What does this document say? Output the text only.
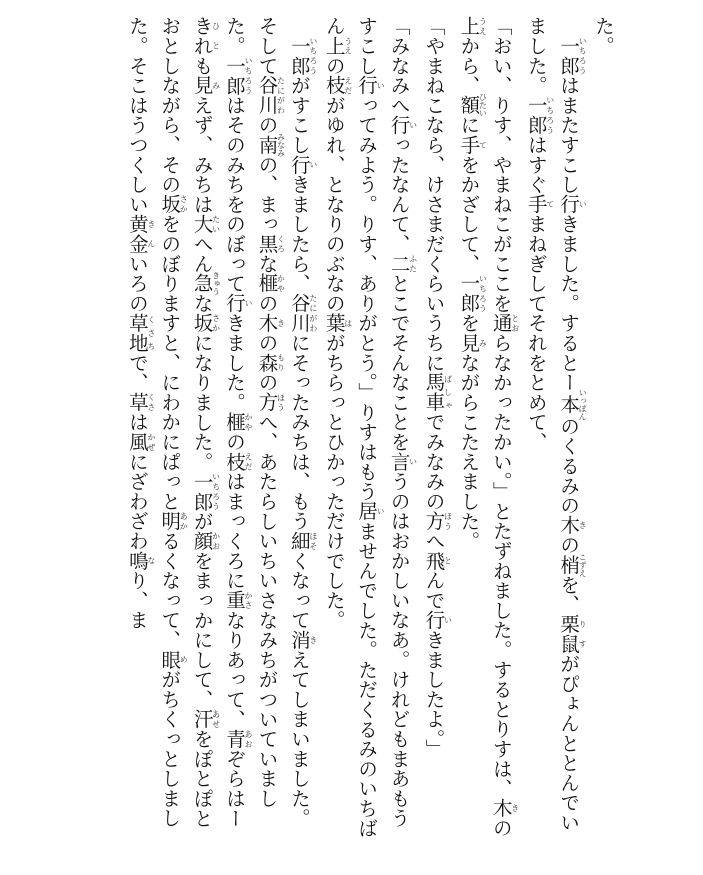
た。

　一郎いちろうはまたすこし行いきました。するとー本いっぽんのくるみの木きの梢こずえを、栗鼠りすがぴょんととんでいました。一郎いちろうはすぐ手てまねぎしてそれをとめて、

「おい、りす、やまねこがここを通とおらなかったかい。」とたずねました。するとりすは、木きの上うえから、額ひたいに手てをかざして、一郎いちろうを見みながらこたえました。

「やまねこなら、けさまだくらいうちに馬車ばしゃでみなみの方ほうへ飛とんで行いきましたよ。」

「みなみへ行いったなんて、二ふたとこでそんなことを言いうのはおかしいなあ。けれどもまあもうすこし行いってみよう。りす、ありがとう。」りすはもう居いませんでした。ただくるみのいちばん上うえの枝えだがゆれ、となりのぶなの葉はがちらっとひかっただけでした。

　一郎いちろうがすこし行いきましたら、谷川たにがわにそったみちは、もう細ほそくなって消きえてしまいました。そして谷川たにがわの南みなみの、まっ黒くろな榧かやの木きの森もりの方ほうへ、あたらしいちいさなみちがついていました。一郎いちろうはそのみちをのぼって行いきました。榧かやの枝えだはまっくろに重かさなりあって、青あおぞらはーきれひとも見みえず、みちは大たいへん急きゅうな坂さかになりました。一郎いちろうが顔かおをまっかにして、汗あせをぽとぽとおとしながら、その坂さかをのぼりますと、にわかにぱっと明あかるくなって、眼めがちくっとしました。そこはうつくしい黄金きんいろの草地くさちで、草くさは風かぜにざわざわ鳴なり、ま
